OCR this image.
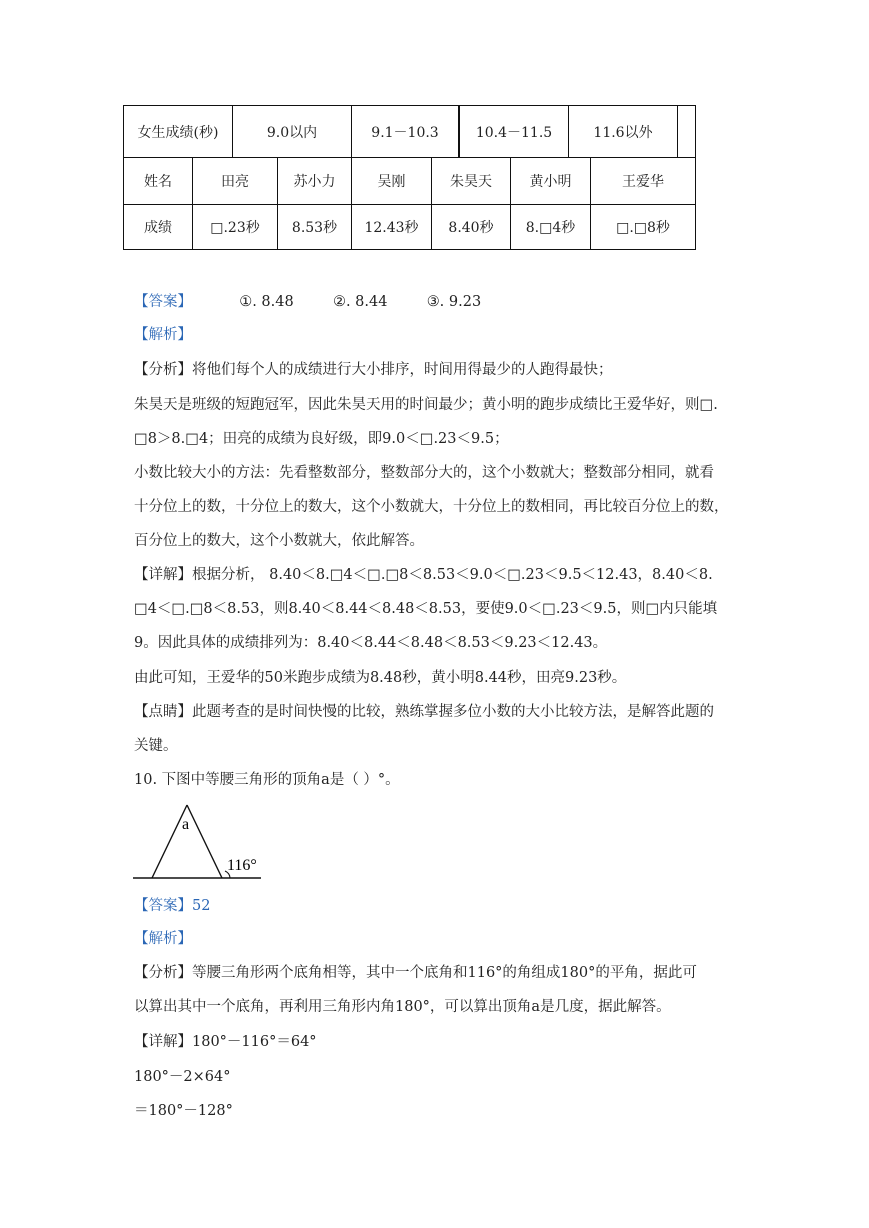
女生成绩(秒)	9.0以内	9.1－10.3	10.4－11.5	11.6以外
姓名	田亮	苏小力	吴刚	朱昊天	黄小明	王爱华
成绩	□.23秒	8.53秒	12.43秒	8.40秒	8.□4秒	□.□8秒
【答案】	①. 8.48	②. 8.44	③. 9.23
【解析】
【分析】将他们每个人的成绩进行大小排序，时间用得最少的人跑得最快；
朱昊天是班级的短跑冠军，因此朱昊天用的时间最少；黄小明的跑步成绩比王爱华好，则□.
□8＞8.□4；田亮的成绩为良好级，即9.0＜□.23＜9.5；
小数比较大小的方法：先看整数部分，整数部分大的，这个小数就大；整数部分相同，就看
十分位上的数，十分位上的数大，这个小数就大，十分位上的数相同，再比较百分位上的数，
百分位上的数大，这个小数就大，依此解答。
【详解】根据分析， 8.40＜8.□4＜□.□8＜8.53＜9.0＜□.23＜9.5＜12.43，8.40＜8.
□4＜□.□8＜8.53，则8.40＜8.44＜8.48＜8.53，要使9.0＜□.23＜9.5，则□内只能填
9。因此具体的成绩排列为：8.40＜8.44＜8.48＜8.53＜9.23＜12.43。
由此可知，王爱华的50米跑步成绩为8.48秒，黄小明8.44秒，田亮9.23秒。
【点睛】此题考查的是时间快慢的比较，熟练掌握多位小数的大小比较方法，是解答此题的
关键。
10. 下图中等腰三角形的顶角a是（ ）°。
a
116°
【答案】52
【解析】
【分析】等腰三角形两个底角相等，其中一个底角和116°的角组成180°的平角，据此可
以算出其中一个底角，再利用三角形内角180°，可以算出顶角a是几度，据此解答。
【详解】180°－116°＝64°
180°－2×64°
＝180°－128°
